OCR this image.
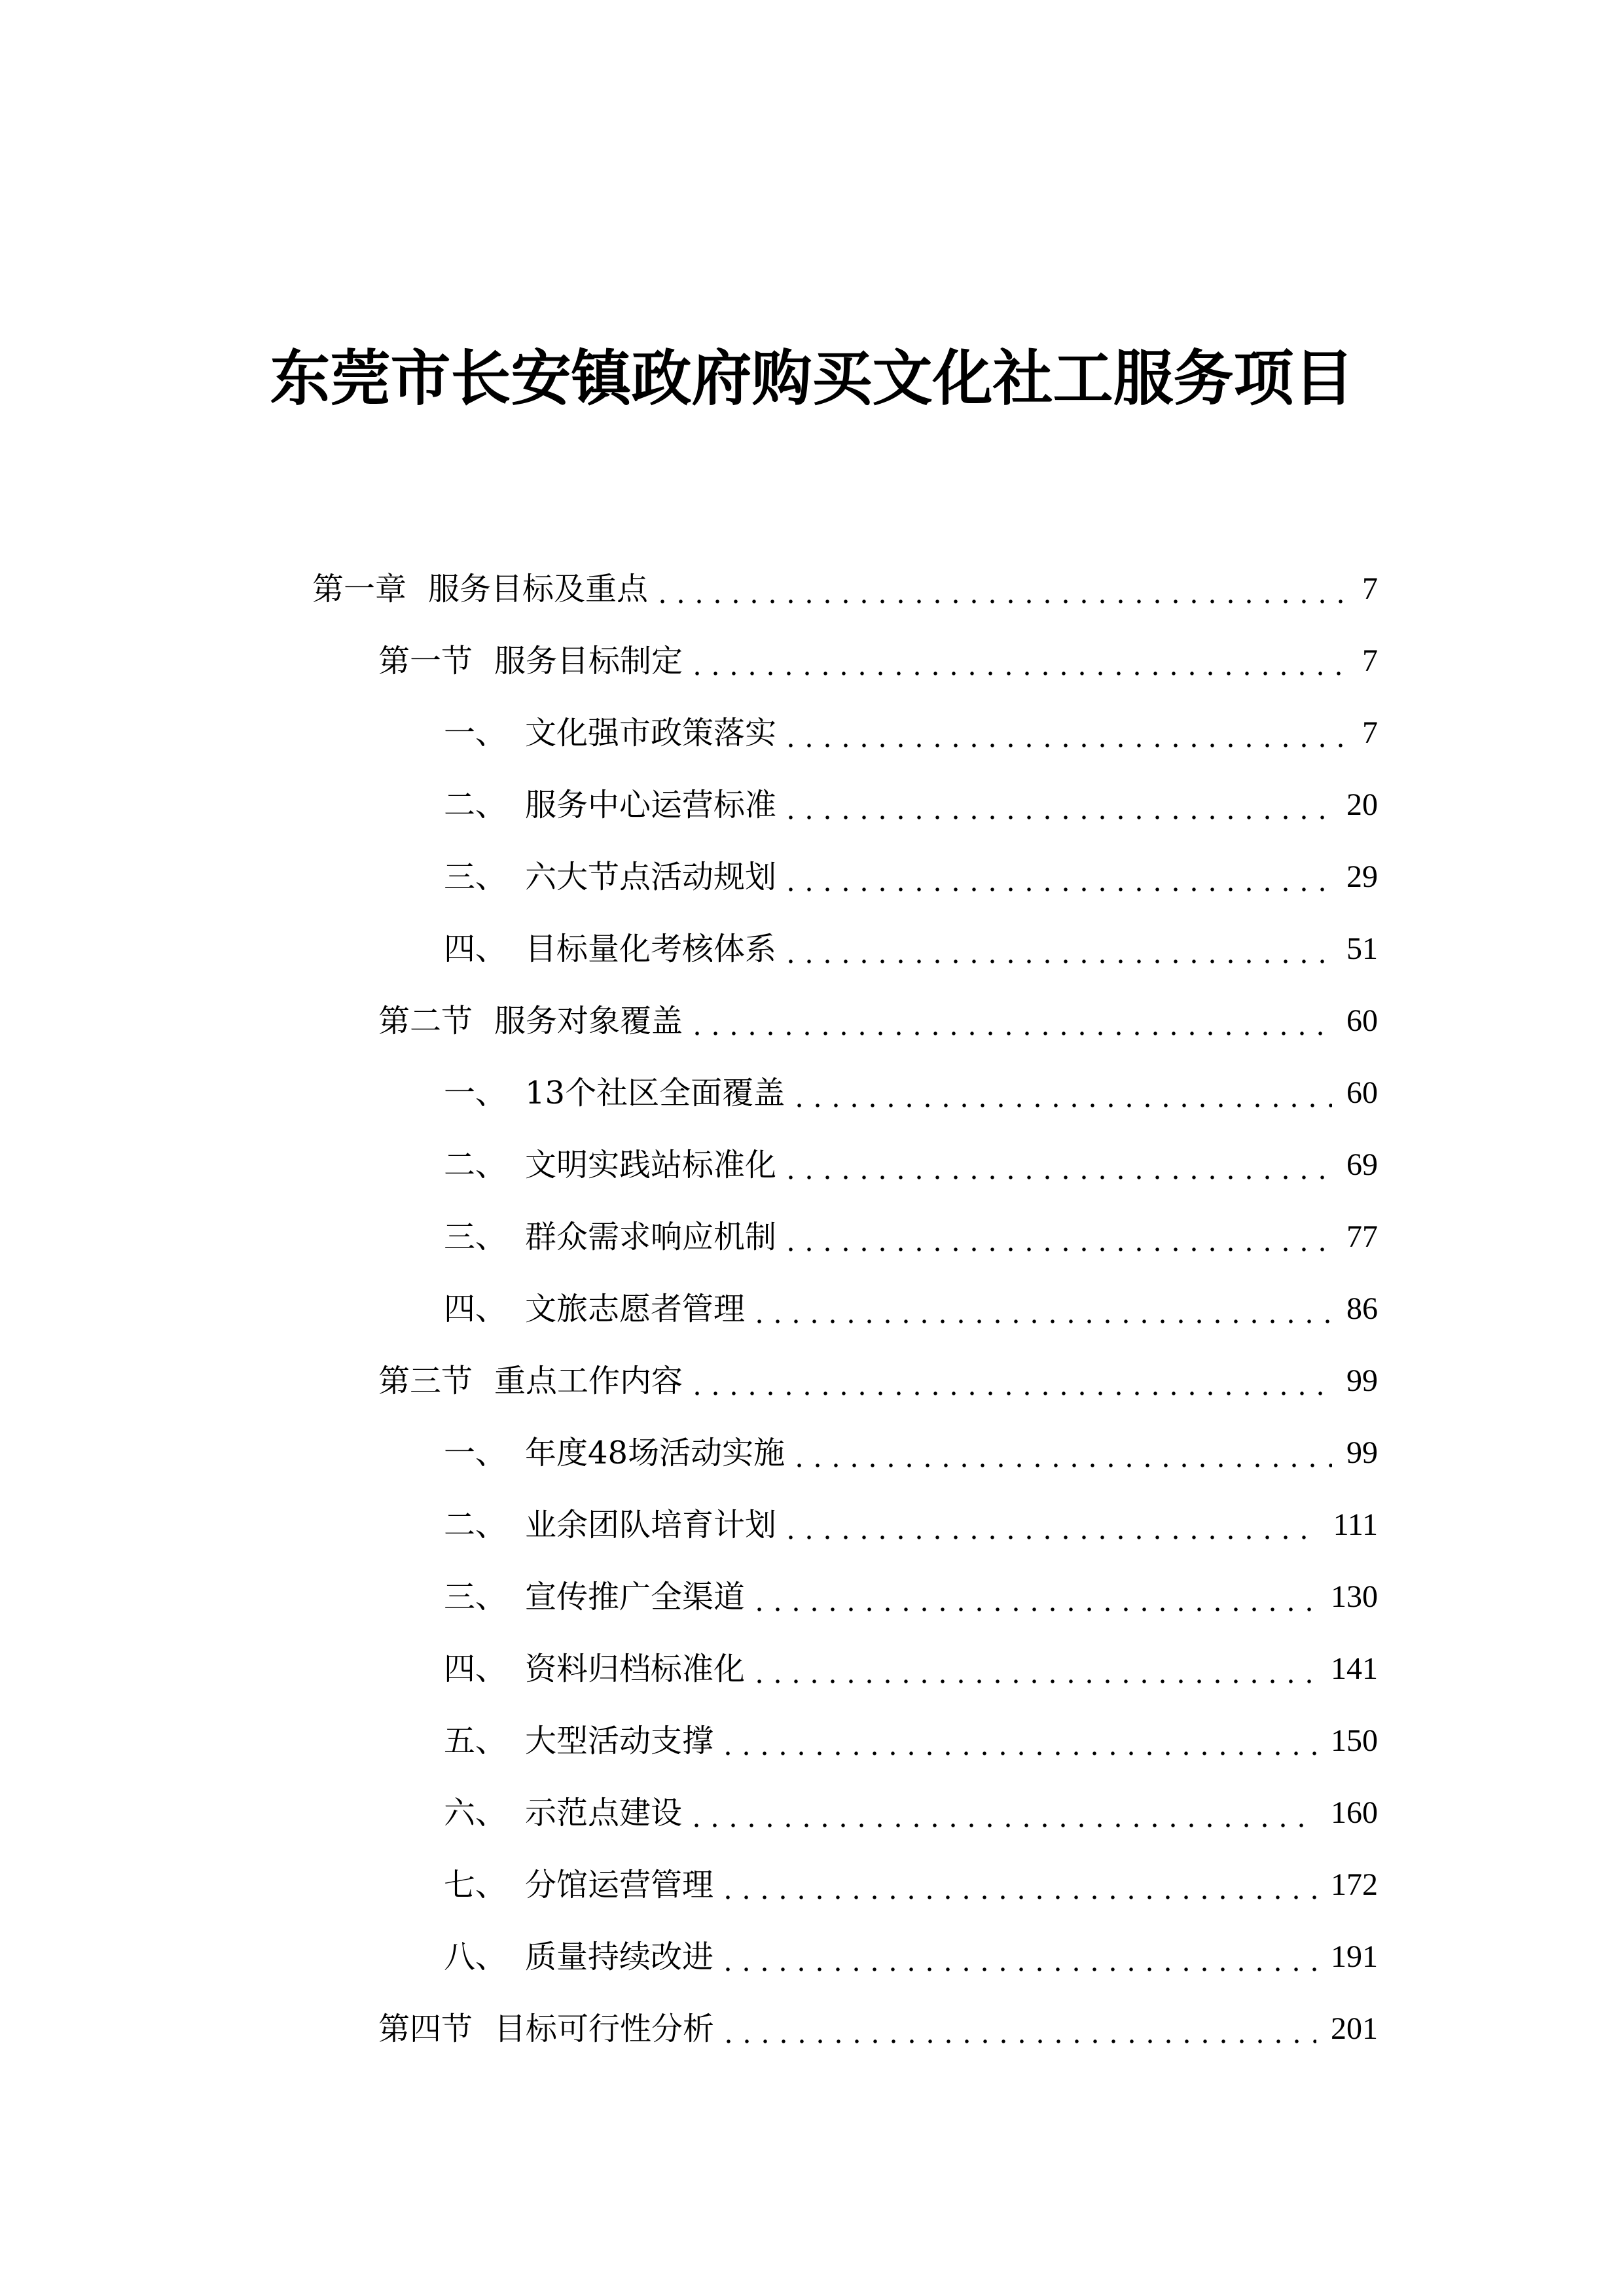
东莞市长安镇政府购买文化社工服务项目
第一章 服务目标及重点	7
第一节 服务目标制定	7
一、 文化强市政策落实	7
二、 服务中心运营标准	20
三、 六大节点活动规划	29
四、 目标量化考核体系	51
第二节 服务对象覆盖	60
一、 13个社区全面覆盖	60
二、 文明实践站标准化	69
三、 群众需求响应机制	77
四、 文旅志愿者管理	86
第三节 重点工作内容	99
一、 年度48场活动实施	99
二、 业余团队培育计划	111
三、 宣传推广全渠道	130
四、 资料归档标准化	141
五、 大型活动支撑	150
六、 示范点建设	160
七、 分馆运营管理	172
八、 质量持续改进	191
第四节 目标可行性分析	201
